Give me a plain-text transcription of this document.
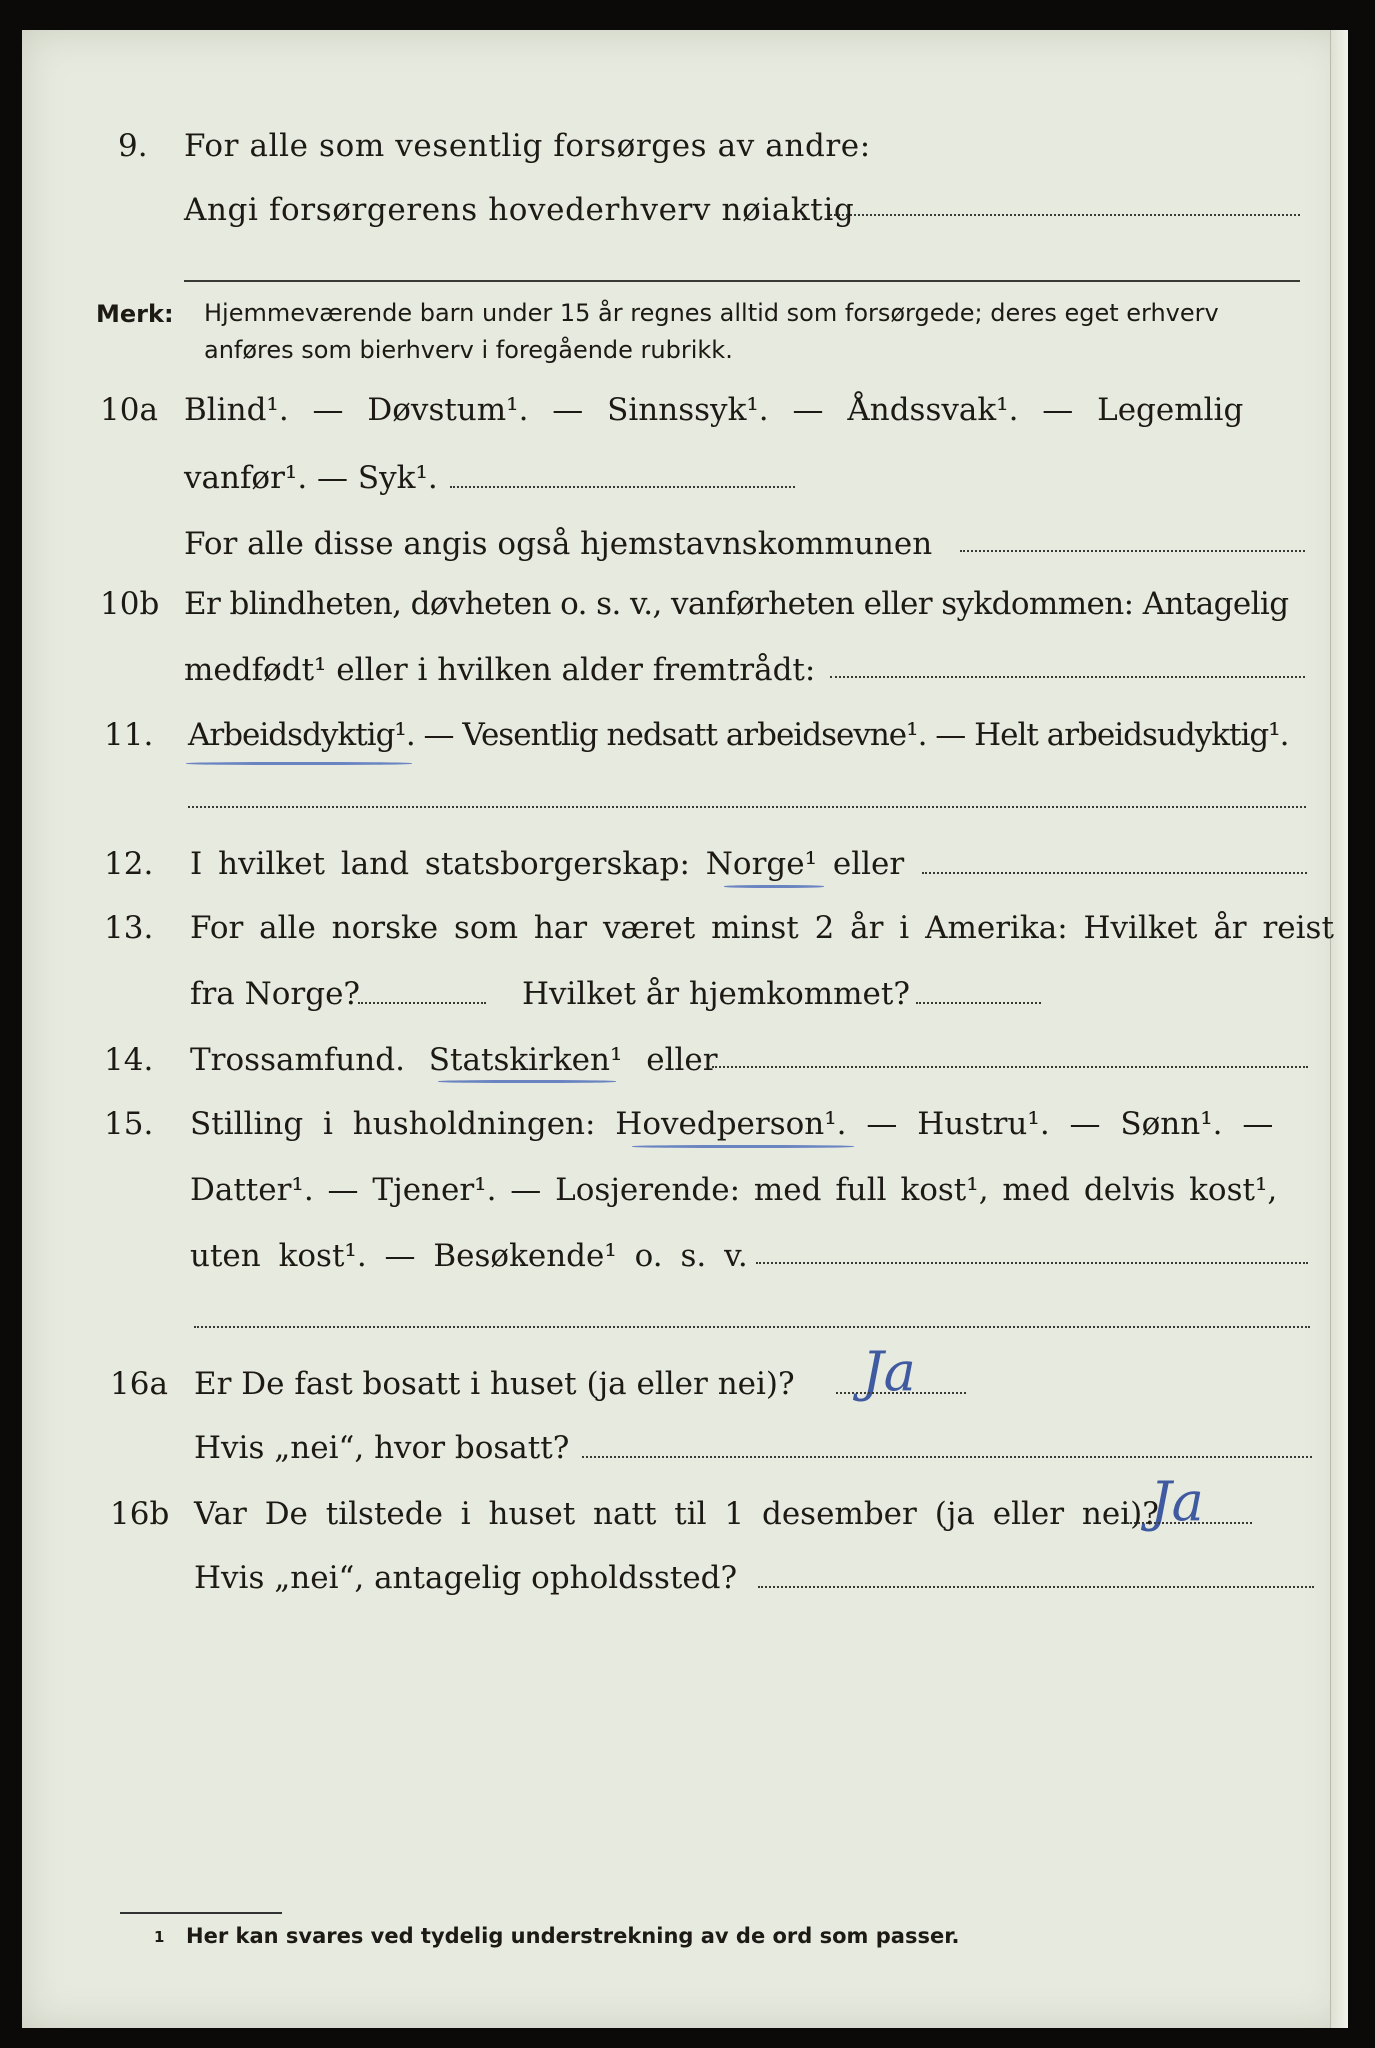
9. For alle som vesentlig forsørges av andre:
Angi forsørgerens hovederhverv nøiaktig
Merk: Hjemmeværende barn under 15 år regnes alltid som forsørgede; deres eget erhverv
anføres som bierhverv i foregående rubrikk.
10a Blind¹. — Døvstum¹. — Sinnssyk¹. — Åndssvak¹. — Legemlig
vanfør¹. — Syk¹.
For alle disse angis også hjemstavnskommunen
10b Er blindheten, døvheten o. s. v., vanførheten eller sykdommen: Antagelig
medfødt¹ eller i hvilken alder fremtrådt:
11. Arbeidsdyktig¹. — Vesentlig nedsatt arbeidsevne¹. — Helt arbeidsudyktig¹.
12. I hvilket land statsborgerskap: Norge¹ eller
13. For alle norske som har været minst 2 år i Amerika: Hvilket år reist
fra Norge?	Hvilket år hjemkommet?
14. Trossamfund. Statskirken¹ eller
15. Stilling i husholdningen: Hovedperson¹. — Hustru¹. — Sønn¹. —
Datter¹. — Tjener¹. — Losjerende: med full kost¹, med delvis kost¹,
uten kost¹. — Besøkende¹ o. s. v.
16a Er De fast bosatt i huset (ja eller nei)? Ja
Hvis „nei“, hvor bosatt?
16b Var De tilstede i huset natt til 1 desember (ja eller nei)?
Ja
Hvis „nei“, antagelig opholdssted?
1 Her kan svares ved tydelig understrekning av de ord som passer.
